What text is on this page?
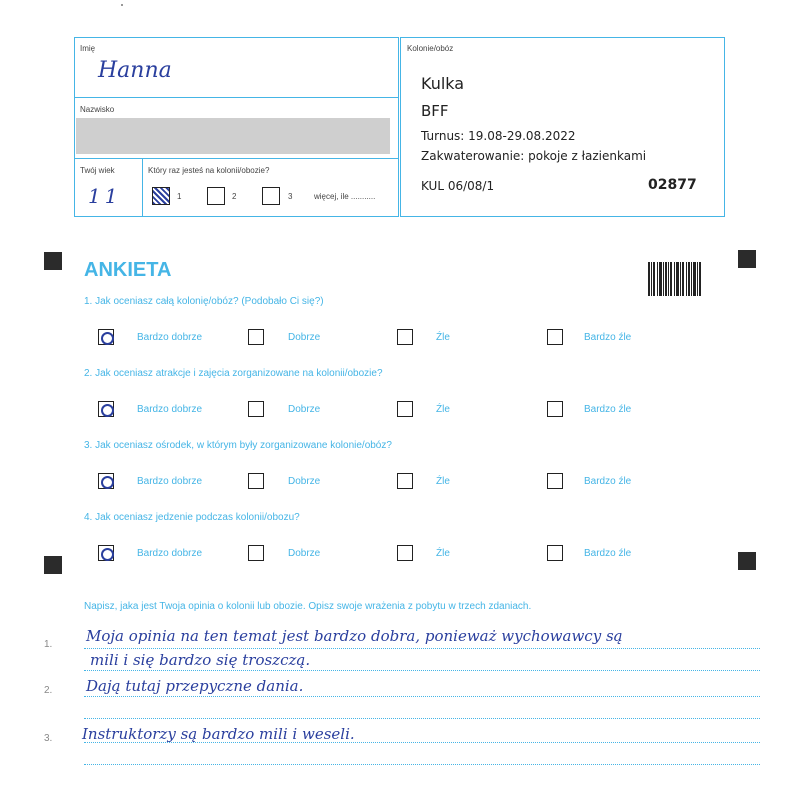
Imię
Hanna
Nazwisko
Twój wiek
11
Który raz jesteś na kolonii/obozie?
1	2	3	więcej, ile ...........
Kolonie/obóz
Kulka
BFF
Turnus: 19.08-29.08.2022
Zakwaterowanie: pokoje z łazienkami
KUL 06/08/1	02877
ANKIETA
1. Jak oceniasz całą kolonię/obóz? (Podobało Ci się?)
Bardzo dobrze	Dobrze	Źle	Bardzo źle
2. Jak oceniasz atrakcje i zajęcia zorganizowane na kolonii/obozie?
Bardzo dobrze	Dobrze	Źle	Bardzo źle
3. Jak oceniasz ośrodek, w którym były zorganizowane kolonie/obóz?
Bardzo dobrze	Dobrze	Źle	Bardzo źle
4. Jak oceniasz jedzenie podczas kolonii/obozu?
Bardzo dobrze	Dobrze	Źle	Bardzo źle
Napisz, jaka jest Twoja opinia o kolonii lub obozie. Opisz swoje wrażenia z pobytu w trzech zdaniach.
1.
2.
3.
Moja opinia na ten temat jest bardzo dobra, ponieważ wychowawcy są
mili i się bardzo się troszczą.
Dają tutaj przepyczne dania.
Instruktorzy są bardzo mili i weseli.
